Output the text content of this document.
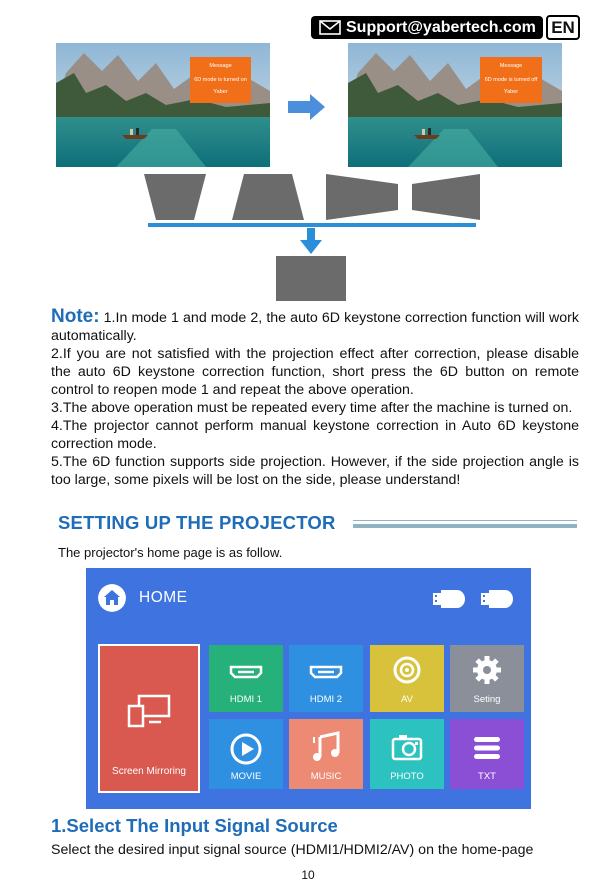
Support@yabertech.com EN
Message
6D mode is turned on
Yaber
Message
6D mode is turned off
Yaber

Note: 1.In mode 1 and mode 2, the auto 6D keystone correction function will work automatically.

2.If you are not satisfied with the projection effect after correction, please disable the auto 6D keystone correction function, short press the 6D button on remote control to reopen mode 1 and repeat the above operation.

3.The above operation must be repeated every time after the machine is turned on.

4.The projector cannot perform manual keystone correction in Auto 6D keystone correction mode.

5.The 6D function supports side projection. However, if the side projection angle is too large, some pixels will be lost on the side, please understand!

SETTING UP THE PROJECTOR
The projector's home page is as follow.
HOME
Screen Mirroring
HDMI 1	HDMI 2	AV	Seting
MOVIE	MUSIC	PHOTO	TXT
1.Select The Input Signal Source
Select the desired input signal source (HDMI1/HDMI2/AV) on the home-page
10
